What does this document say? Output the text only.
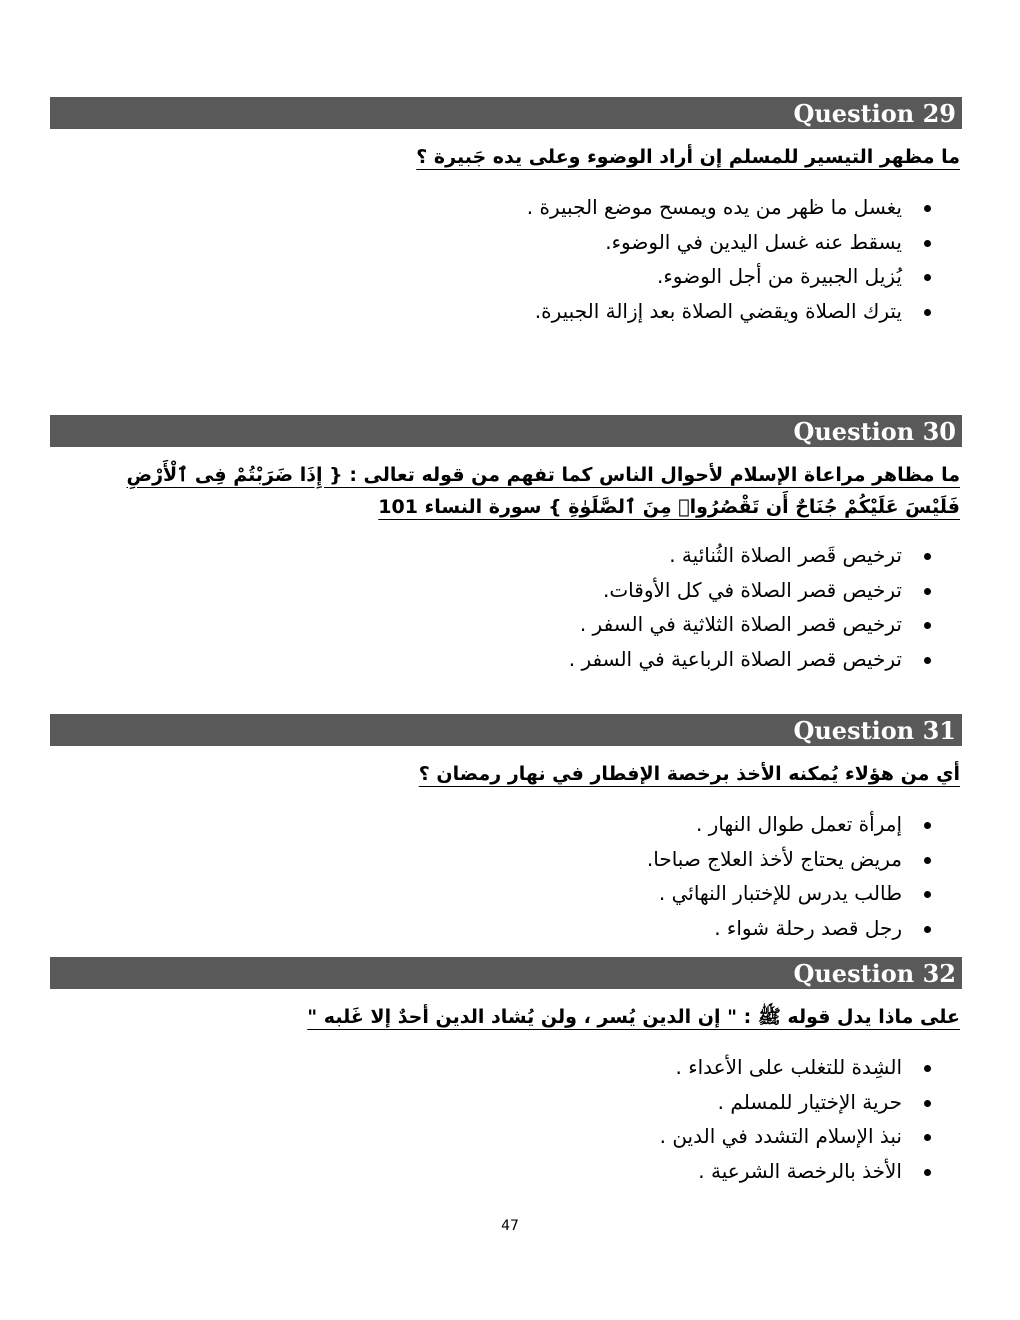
Question 29
ما مظهر التيسير للمسلم إن أراد الوضوء وعلى يده جَبيرة ؟
يغسل ما ظهر من يده ويمسح موضع الجبيرة .
يسقط عنه غسل اليدين في الوضوء.
يُزيل الجبيرة من أجل الوضوء.
يترك الصلاة ويقضي الصلاة بعد إزالة الجبيرة.
Question 30
ما مظاهر مراعاة الإسلام لأحوال الناس كما تفهم من قوله تعالى : { إِذَا ضَرَبْتُمْ فِى ٱلْأَرْضِ فَلَيْسَ عَلَيْكُمْ جُنَاحٌ أَن تَقْصُرُوا۟ مِنَ ٱلصَّلَوٰةِ } سورة النساء 101
ترخيص قَصر الصلاة الثُنائية .
ترخيص قصر الصلاة في كل الأوقات.
ترخيص قصر الصلاة الثلاثية في السفر .
ترخيص قصر الصلاة الرباعية في السفر .
Question 31
أي من هؤلاء يُمكنه الأخذ برخصة الإفطار في نهار رمضان ؟
إمرأة تعمل طوال النهار .
مريض يحتاج لأخذ العلاج صباحا.
طالب يدرس للإختبار النهائي .
رجل قصد رحلة شواء .
Question 32
على ماذا يدل قوله ﷺ : " إن الدين يُسر ، ولن يُشاد الدين أحدٌ إلا غَلبه "
الشِدة للتغلب على الأعداء .
حرية الإختيار للمسلم .
نبذ الإسلام التشدد في الدين .
الأخذ بالرخصة الشرعية .
47
